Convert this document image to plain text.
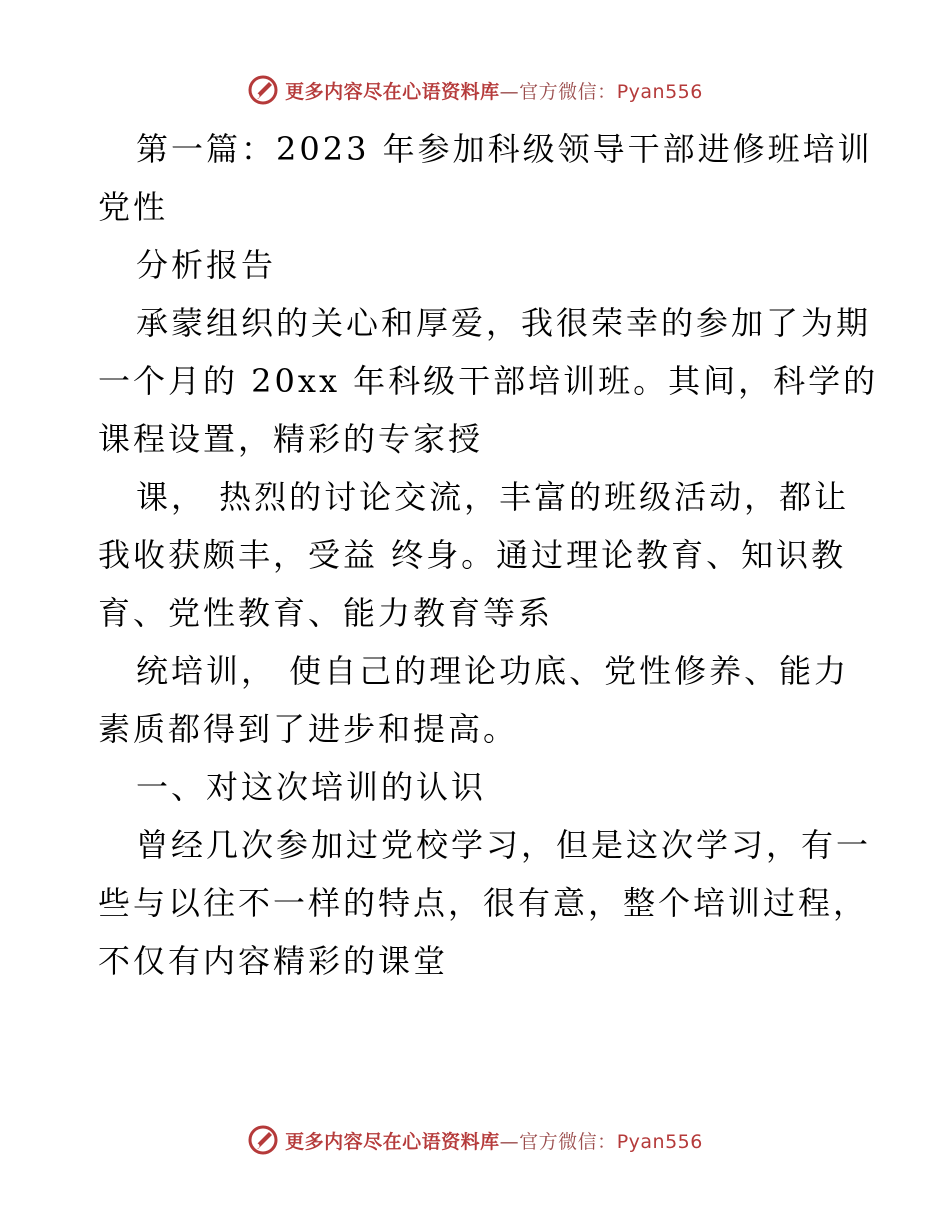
更多内容尽在心语资料库—官方微信：Pyan556
第一篇：2023 年参加科级领导干部进修班培训
党性
分析报告
承蒙组织的关心和厚爱，我很荣幸的参加了为期
一个月的 20xx 年科级干部培训班。其间，科学的
课程设置，精彩的专家授
课， 热烈的讨论交流，丰富的班级活动，都让
我收获颇丰，受益 终身。通过理论教育、知识教
育、党性教育、能力教育等系
统培训， 使自己的理论功底、党性修养、能力
素质都得到了进步和提高。
一、对这次培训的认识
曾经几次参加过党校学习，但是这次学习，有一
些与以往不一样的特点，很有意，整个培训过程，
不仅有内容精彩的课堂
更多内容尽在心语资料库—官方微信：Pyan556
